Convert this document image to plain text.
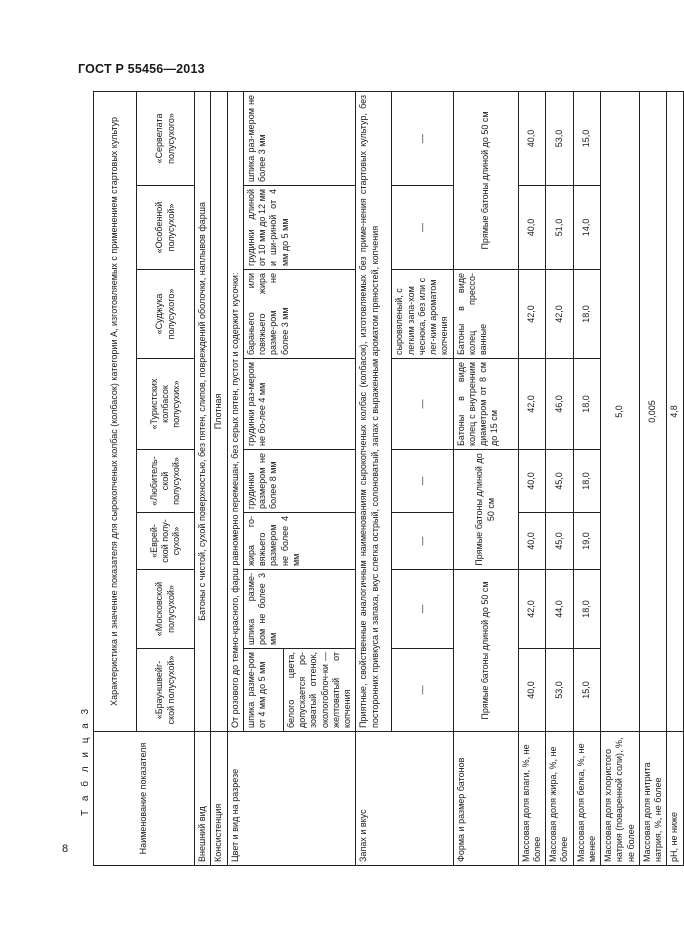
ГОСТ Р 55456—2013
Т а б л и ц а 3
8	Наименование показателя	Характеристика и значение показателя для сырокопченых колбас (колбасок) категории А, изготовляемых с применением стартовых культур							
	«Брауншвейг-ской полусухой»	«Московской полусухой»	«Еврей-ской полу-сухой»	«Любитель-ской полусухой»	«Туристских колбасок полусухих»	«Суджука полусухого»	«Особенной полусухой»	«Сервелата полусухого»
Внешний вид	Батоны с чистой, сухой поверхностью, без пятен, слипов, повреждений оболочки, наплывов фарша							
Консистенция	Плотная							
Цвет и вид на разрезе	От розового до темно-красного, фарш равномерно перемешан, без серых пятен, пустот и содержит кусочки:							
	шпика разме-ром от 4 мм до 5 мм	шпика разме-ром не более 3 мм	жира го-вяжьего размером не более 4 мм	грудинки размером не более 8 мм	грудинки раз-мером не бо-лее 4 мм	бараньего или говяжьего жира разме-ром не более 3 мм	грудинки длиной от 10 мм до 12 мм и ши-риной от 4 мм до 5 мм	шпика раз-мером не более 3 мм
	белого цвета, допускается ро-зоватый оттенок, окологоблоч-ки — желтоватый от копчения							
Запах и вкус	Приятные, свойственные аналогичным наименованиям сырокопченых колбас (колбасок), изготовляемых без приме-нения стартовых культур, без посторонних привкуса и запаха, вкус слегка острый, солоноватый, запах с выраженным ароматом пряностей, копчения							
	—	—	—	—	—	сыровяленый, с легким запа-хом чеснока, без или с лег-ким ароматом копчения	—	—
Форма и размер батонов	Прямые батоны длиной до 50 см		Прямые батоны длиной до 50 см		Батоны в виде колец с внутренним диаметром от 8 см до 15 см	Батоны в виде колец прессо-ванные	Прямые батоны длиной до 50 см	
Массовая доля влаги, %, не более	40,0	42,0	40,0	40,0	42,0	42,0	40,0	40,0
Массовая доля жира, %, не более	53,0	44,0	45,0	45,0	46,0	42,0	51,0	53,0
Массовая доля белка, %, не менее	15,0	18,0	19,0	18,0	18,0	18,0	14,0	15,0
Массовая доля хлористого натрия (поваренной соли), %, не более	5,0							
Массовая доля нитрита натрия, %, не более	0,005							
pH, не ниже	4,8							
